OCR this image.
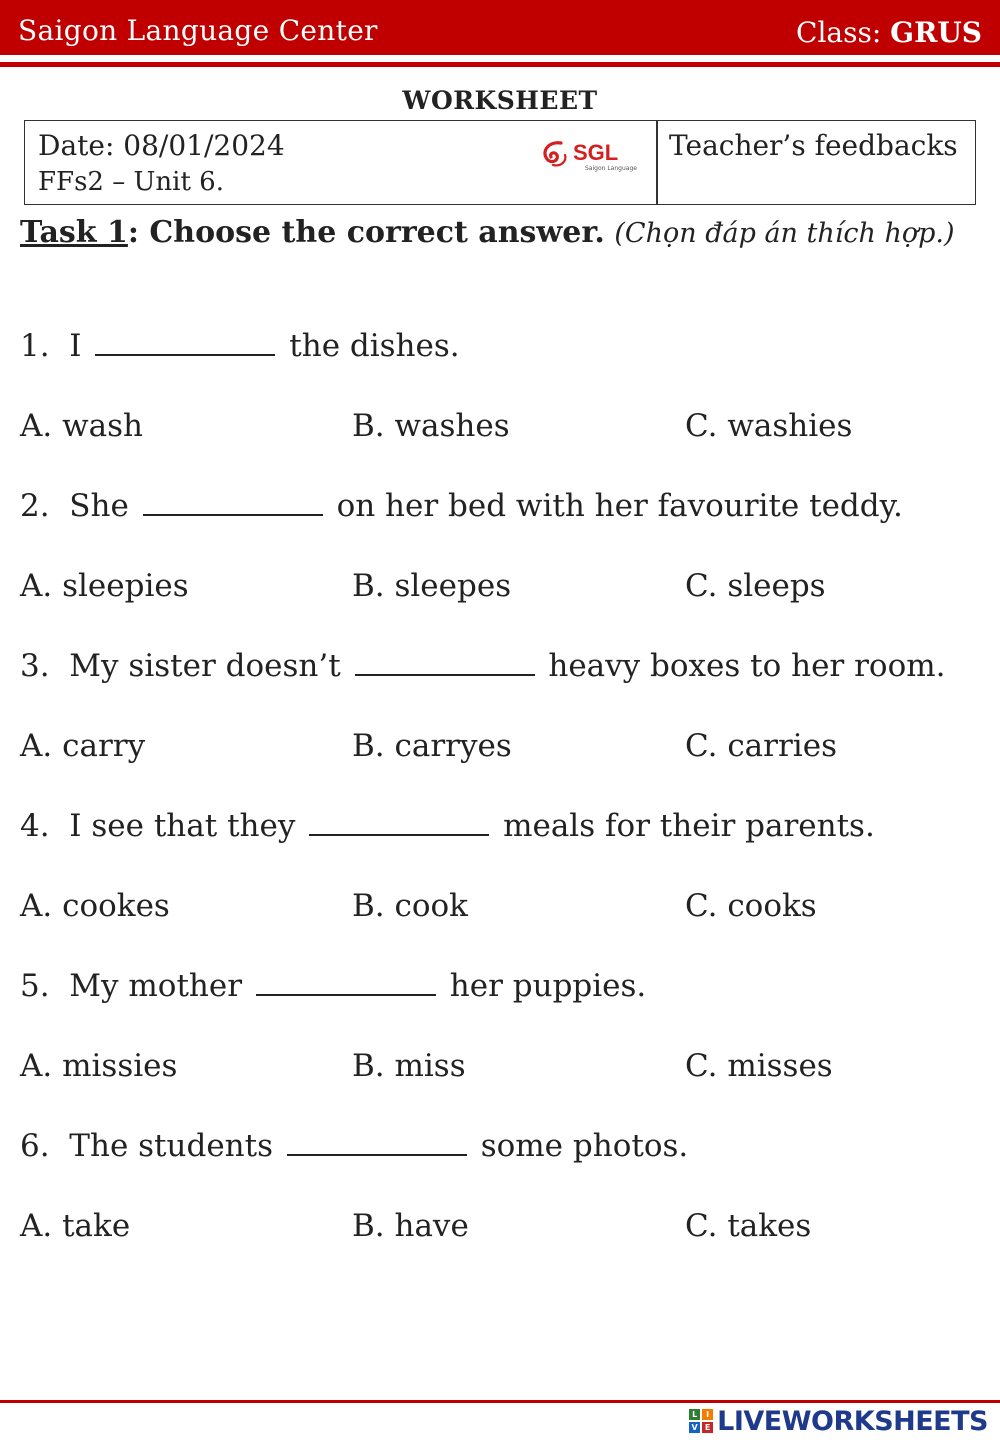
Saigon Language Center	Class: GRUS
WORKSHEET
Date: 08/01/2024
FFs2 – Unit 6.
SGL
Saigon Language
Teacher’s feedbacks
Task 1: Choose the correct answer. (Chọn đáp án thích hợp.)
1. I	the dishes.
A. wash	B. washes	C. washies
2. She	on her bed with her favourite teddy.
A. sleepies	B. sleepes	C. sleeps
3. My sister doesn’t	heavy boxes to her room.
A. carry	B. carryes	C. carries
4. I see that they	meals for their parents.
A. cookes	B. cook	C. cooks
5. My mother	her puppies.
A. missies	B. miss	C. misses
6. The students	some photos.
A. take	B. have	C. takes
L	I
V E LIVEWORKSHEETS
